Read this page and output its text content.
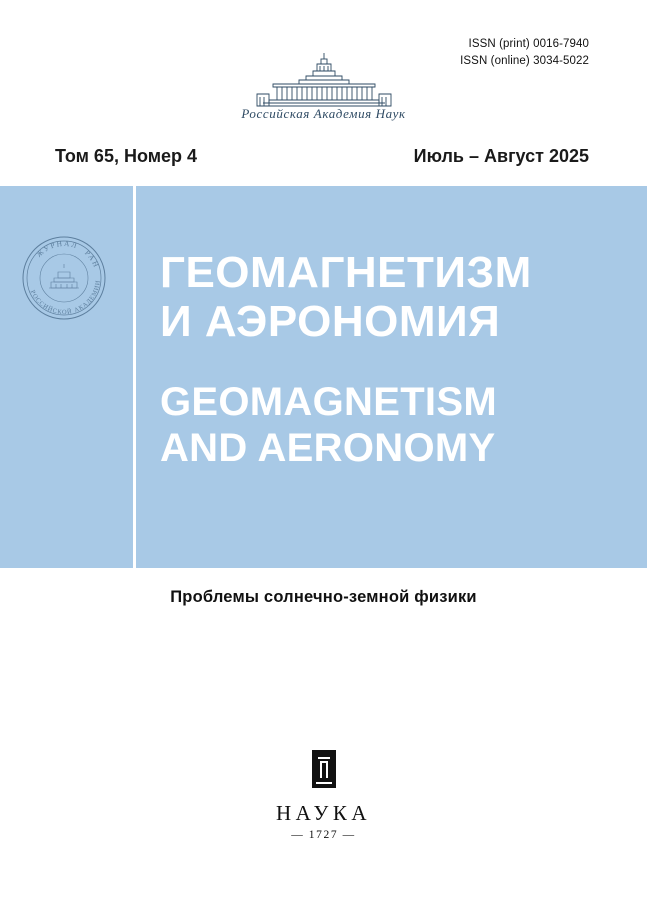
ISSN (print) 0016-7940
ISSN (online) 3034-5022
Российская Академия Наук
Том 65, Номер 4	Июль – Август 2025
ЖУРНАЛ
РАН
РОССИЙСКОЙ АКАДЕМИИ ГЕОМАГНЕТИЗМ
И АЭРОНОМИЯ
GEOMAGNETISM
AND AERONOMY
Проблемы солнечно-земной физики
НАУКА
— 1727 —
